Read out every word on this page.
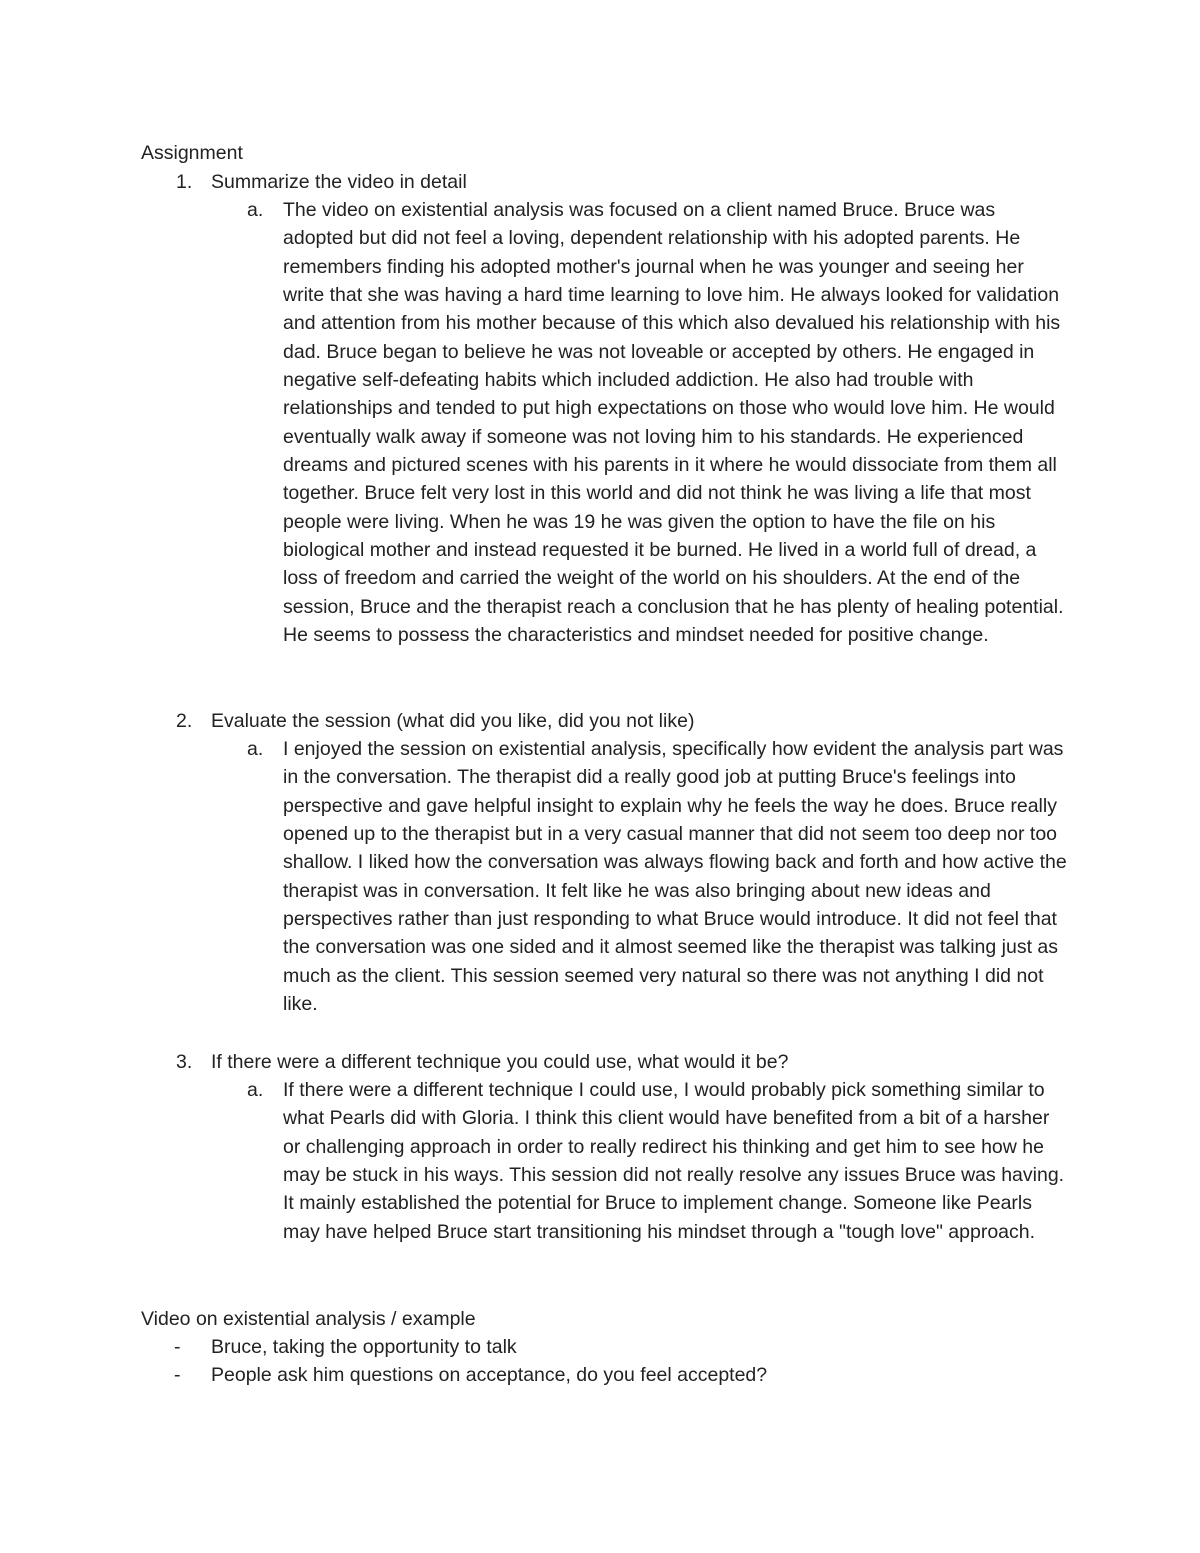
Assignment
1. Summarize the video in detail
a.	The video on existential analysis was focused on a client named Bruce. Bruce was adopted but did not feel a loving, dependent relationship with his adopted parents. He remembers finding his adopted mother's journal when he was younger and seeing her write that she was having a hard time learning to love him. He always looked for validation and attention from his mother because of this which also devalued his relationship with his dad. Bruce began to believe he was not loveable or accepted by others. He engaged in negative self-defeating habits which included addiction. He also had trouble with relationships and tended to put high expectations on those who would love him. He would eventually walk away if someone was not loving him to his standards. He experienced dreams and pictured scenes with his parents in it where he would dissociate from them all together. Bruce felt very lost in this world and did not think he was living a life that most people were living. When he was 19 he was given the option to have the file on his biological mother and instead requested it be burned. He lived in a world full of dread, a loss of freedom and carried the weight of the world on his shoulders. At the end of the session, Bruce and the therapist reach a conclusion that he has plenty of healing potential. He seems to possess the characteristics and mindset needed for positive change.
2. Evaluate the session (what did you like, did you not like)
a.	I enjoyed the session on existential analysis, specifically how evident the analysis part was in the conversation. The therapist did a really good job at putting Bruce's feelings into perspective and gave helpful insight to explain why he feels the way he does. Bruce really opened up to the therapist but in a very casual manner that did not seem too deep nor too shallow. I liked how the conversation was always flowing back and forth and how active the therapist was in conversation. It felt like he was also bringing about new ideas and perspectives rather than just responding to what Bruce would introduce. It did not feel that the conversation was one sided and it almost seemed like the therapist was talking just as much as the client. This session seemed very natural so there was not anything I did not like.
3. If there were a different technique you could use, what would it be?
a.	If there were a different technique I could use, I would probably pick something similar to what Pearls did with Gloria. I think this client would have benefited from a bit of a harsher or challenging approach in order to really redirect his thinking and get him to see how he may be stuck in his ways. This session did not really resolve any issues Bruce was having. It mainly established the potential for Bruce to implement change. Someone like Pearls may have helped Bruce start transitioning his mindset through a "tough love" approach.
Video on existential analysis / example
- Bruce, taking the opportunity to talk
- People ask him questions on acceptance, do you feel accepted?
